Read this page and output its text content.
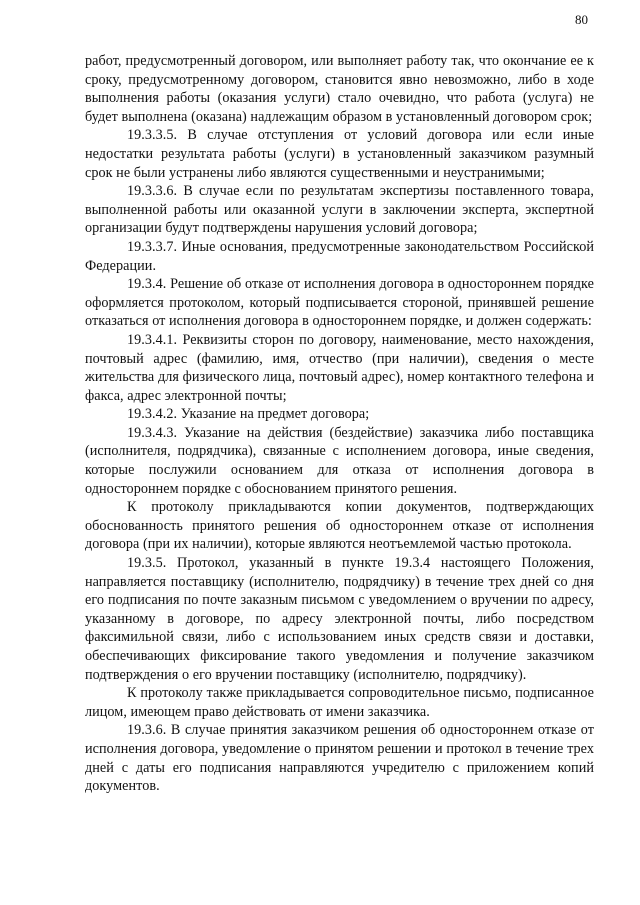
80

работ, предусмотренный договором, или выполняет работу так, что окончание ее к сроку, предусмотренному договором, становится явно невозможно, либо в ходе выполнения работы (оказания услуги) стало очевидно, что работа (услуга) не будет выполнена (оказана) надлежащим образом в установленный договором срок;

19.3.3.5. В случае отступления от условий договора или если иные недостатки результата работы (услуги) в установленный заказчиком разумный срок не были устранены либо являются существенными и неустранимыми;

19.3.3.6. В случае если по результатам экспертизы поставленного товара, выполненной работы или оказанной услуги в заключении эксперта, экспертной организации будут подтверждены нарушения условий договора;

19.3.3.7. Иные основания, предусмотренные законодательством Российской Федерации.

19.3.4. Решение об отказе от исполнения договора в одностороннем порядке оформляется протоколом, который подписывается стороной, принявшей решение отказаться от исполнения договора в одностороннем порядке, и должен содержать:

19.3.4.1. Реквизиты сторон по договору, наименование, место нахождения, почтовый адрес (фамилию, имя, отчество (при наличии), сведения о месте жительства для физического лица, почтовый адрес), номер контактного телефона и факса, адрес электронной почты;

19.3.4.2. Указание на предмет договора;

19.3.4.3. Указание на действия (бездействие) заказчика либо поставщика (исполнителя, подрядчика), связанные с исполнением договора, иные сведения, которые послужили основанием для отказа от исполнения договора в одностороннем порядке с обоснованием принятого решения.

К протоколу прикладываются копии документов, подтверждающих обоснованность принятого решения об одностороннем отказе от исполнения договора (при их наличии), которые являются неотъемлемой частью протокола.

19.3.5. Протокол, указанный в пункте 19.3.4 настоящего Положения, направляется поставщику (исполнителю, подрядчику) в течение трех дней со дня его подписания по почте заказным письмом с уведомлением о вручении по адресу, указанному в договоре, по адресу электронной почты, либо посредством факсимильной связи, либо с использованием иных средств связи и доставки, обеспечивающих фиксирование такого уведомления и получение заказчиком подтверждения о его вручении поставщику (исполнителю, подрядчику).

К протоколу также прикладывается сопроводительное письмо, подписанное лицом, имеющем право действовать от имени заказчика.

19.3.6. В случае принятия заказчиком решения об одностороннем отказе от исполнения договора, уведомление о принятом решении и протокол в течение трех дней с даты его подписания направляются учредителю с приложением копий документов.
